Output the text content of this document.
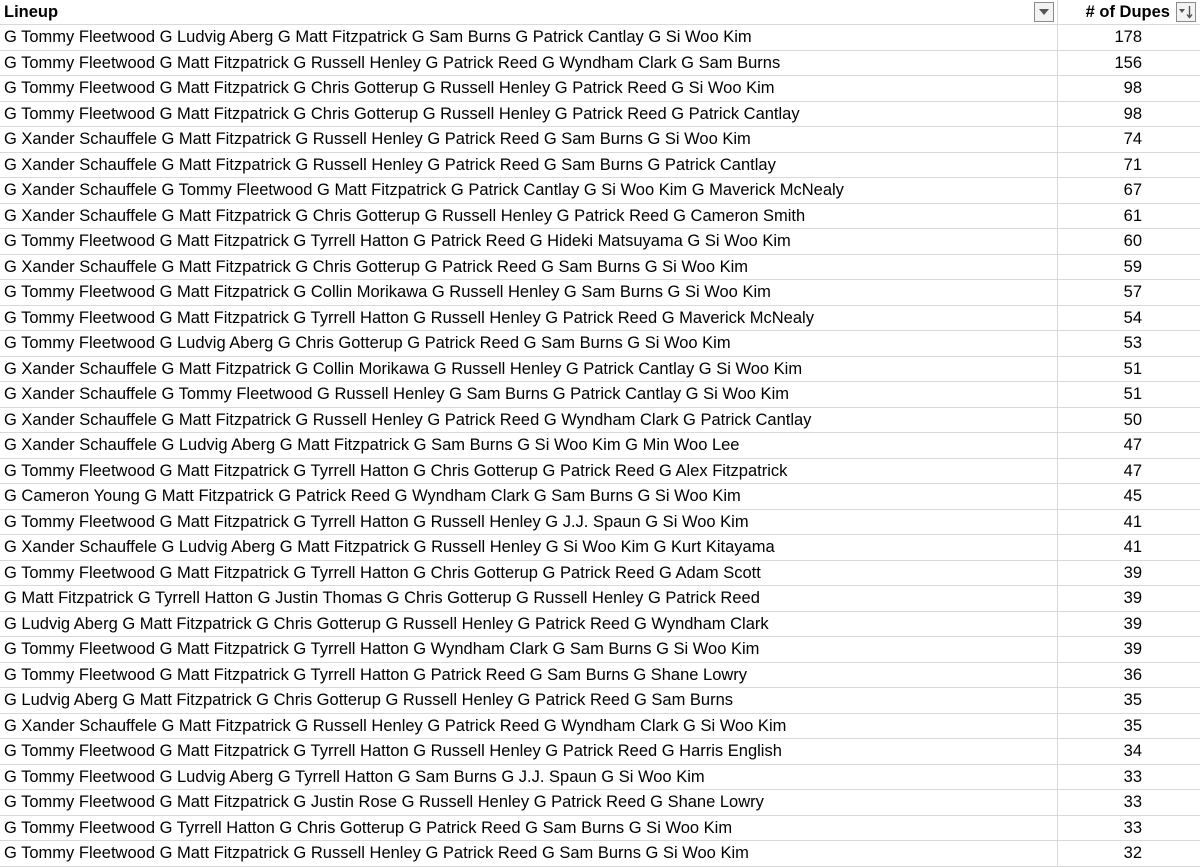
Lineup	# of Dupes
G Tommy Fleetwood G Ludvig Aberg G Matt Fitzpatrick G Sam Burns G Patrick Cantlay G Si Woo Kim	178
G Tommy Fleetwood G Matt Fitzpatrick G Russell Henley G Patrick Reed G Wyndham Clark G Sam Burns	156
G Tommy Fleetwood G Matt Fitzpatrick G Chris Gotterup G Russell Henley G Patrick Reed G Si Woo Kim	98
G Tommy Fleetwood G Matt Fitzpatrick G Chris Gotterup G Russell Henley G Patrick Reed G Patrick Cantlay	98
G Xander Schauffele G Matt Fitzpatrick G Russell Henley G Patrick Reed G Sam Burns G Si Woo Kim	74
G Xander Schauffele G Matt Fitzpatrick G Russell Henley G Patrick Reed G Sam Burns G Patrick Cantlay	71
G Xander Schauffele G Tommy Fleetwood G Matt Fitzpatrick G Patrick Cantlay G Si Woo Kim G Maverick McNealy	67
G Xander Schauffele G Matt Fitzpatrick G Chris Gotterup G Russell Henley G Patrick Reed G Cameron Smith	61
G Tommy Fleetwood G Matt Fitzpatrick G Tyrrell Hatton G Patrick Reed G Hideki Matsuyama G Si Woo Kim	60
G Xander Schauffele G Matt Fitzpatrick G Chris Gotterup G Patrick Reed G Sam Burns G Si Woo Kim	59
G Tommy Fleetwood G Matt Fitzpatrick G Collin Morikawa G Russell Henley G Sam Burns G Si Woo Kim	57
G Tommy Fleetwood G Matt Fitzpatrick G Tyrrell Hatton G Russell Henley G Patrick Reed G Maverick McNealy	54
G Tommy Fleetwood G Ludvig Aberg G Chris Gotterup G Patrick Reed G Sam Burns G Si Woo Kim	53
G Xander Schauffele G Matt Fitzpatrick G Collin Morikawa G Russell Henley G Patrick Cantlay G Si Woo Kim	51
G Xander Schauffele G Tommy Fleetwood G Russell Henley G Sam Burns G Patrick Cantlay G Si Woo Kim	51
G Xander Schauffele G Matt Fitzpatrick G Russell Henley G Patrick Reed G Wyndham Clark G Patrick Cantlay	50
G Xander Schauffele G Ludvig Aberg G Matt Fitzpatrick G Sam Burns G Si Woo Kim G Min Woo Lee	47
G Tommy Fleetwood G Matt Fitzpatrick G Tyrrell Hatton G Chris Gotterup G Patrick Reed G Alex Fitzpatrick	47
G Cameron Young G Matt Fitzpatrick G Patrick Reed G Wyndham Clark G Sam Burns G Si Woo Kim	45
G Tommy Fleetwood G Matt Fitzpatrick G Tyrrell Hatton G Russell Henley G J.J. Spaun G Si Woo Kim	41
G Xander Schauffele G Ludvig Aberg G Matt Fitzpatrick G Russell Henley G Si Woo Kim G Kurt Kitayama	41
G Tommy Fleetwood G Matt Fitzpatrick G Tyrrell Hatton G Chris Gotterup G Patrick Reed G Adam Scott	39
G Matt Fitzpatrick G Tyrrell Hatton G Justin Thomas G Chris Gotterup G Russell Henley G Patrick Reed	39
G Ludvig Aberg G Matt Fitzpatrick G Chris Gotterup G Russell Henley G Patrick Reed G Wyndham Clark	39
G Tommy Fleetwood G Matt Fitzpatrick G Tyrrell Hatton G Wyndham Clark G Sam Burns G Si Woo Kim	39
G Tommy Fleetwood G Matt Fitzpatrick G Tyrrell Hatton G Patrick Reed G Sam Burns G Shane Lowry	36
G Ludvig Aberg G Matt Fitzpatrick G Chris Gotterup G Russell Henley G Patrick Reed G Sam Burns	35
G Xander Schauffele G Matt Fitzpatrick G Russell Henley G Patrick Reed G Wyndham Clark G Si Woo Kim	35
G Tommy Fleetwood G Matt Fitzpatrick G Tyrrell Hatton G Russell Henley G Patrick Reed G Harris English	34
G Tommy Fleetwood G Ludvig Aberg G Tyrrell Hatton G Sam Burns G J.J. Spaun G Si Woo Kim	33
G Tommy Fleetwood G Matt Fitzpatrick G Justin Rose G Russell Henley G Patrick Reed G Shane Lowry	33
G Tommy Fleetwood G Tyrrell Hatton G Chris Gotterup G Patrick Reed G Sam Burns G Si Woo Kim	33
G Tommy Fleetwood G Matt Fitzpatrick G Russell Henley G Patrick Reed G Sam Burns G Si Woo Kim	32
